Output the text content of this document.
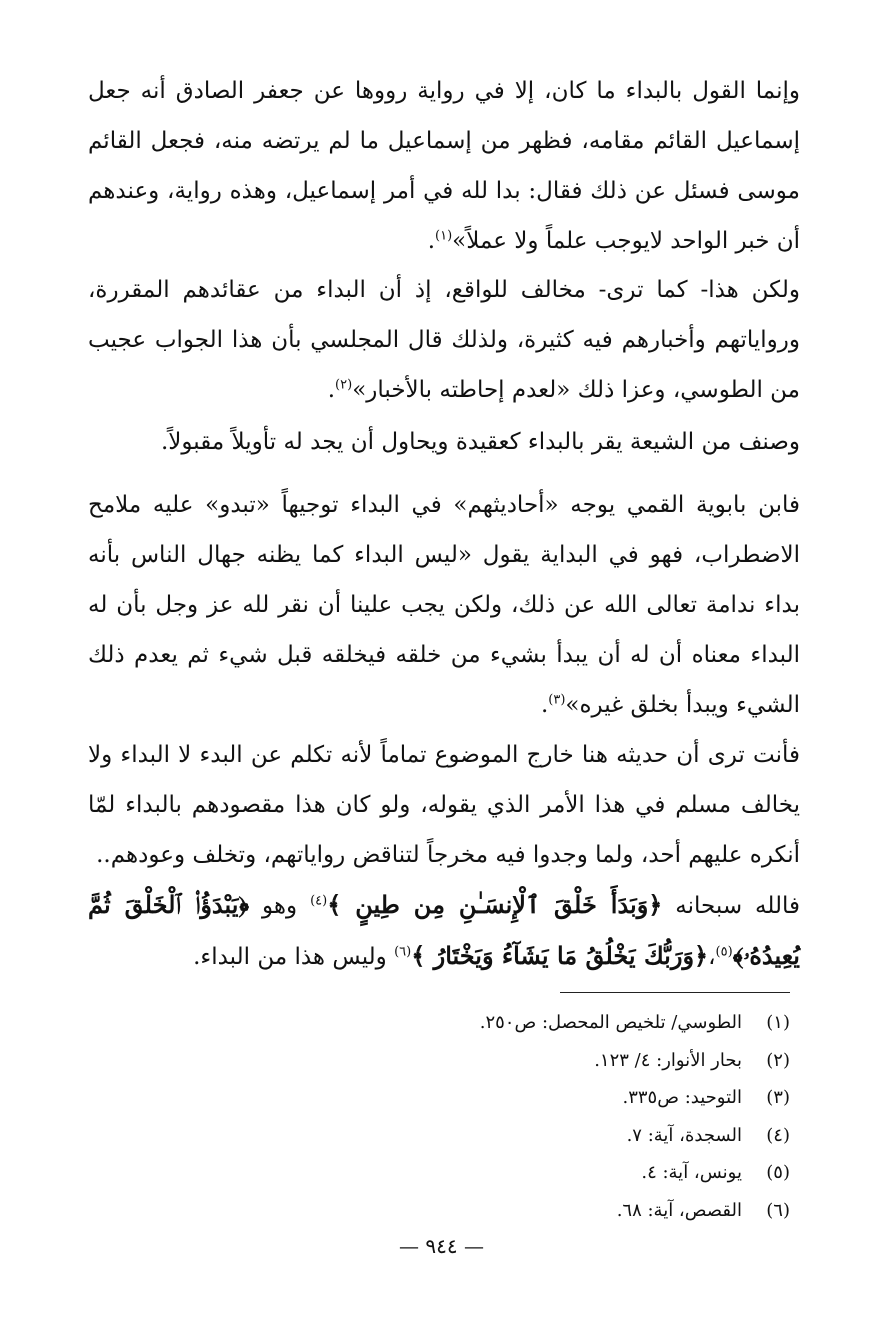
وإنما القول بالبداء ما كان، إلا في رواية رووها عن جعفر الصادق أنه جعل إسماعيل القائم مقامه، فظهر من إسماعيل ما لم يرتضه منه، فجعل القائم موسى فسئل عن ذلك فقال: بدا لله في أمر إسماعيل، وهذه رواية، وعندهم أن خبر الواحد لايوجب علماً ولا عملاً»$^{(١)}$.

ولكن هذا- كما ترى- مخالف للواقع، إذ أن البداء من عقائدهم المقررة، ورواياتهم وأخبارهم فيه كثيرة، ولذلك قال المجلسي بأن هذا الجواب عجيب من الطوسي، وعزا ذلك «لعدم إحاطته بالأخبار»$^{(٢)}$.

وصنف من الشيعة يقر بالبداء كعقيدة ويحاول أن يجد له تأويلاً مقبولاً.

فابن بابوية القمي يوجه «أحاديثهم» في البداء توجيهاً «تبدو» عليه ملامح الاضطراب، فهو في البداية يقول «ليس البداء كما يظنه جهال الناس بأنه بداء ندامة تعالى الله عن ذلك، ولكن يجب علينا أن نقر لله عز وجل بأن له البداء معناه أن له أن يبدأ بشيء من خلقه فيخلقه قبل شيء ثم يعدم ذلك الشيء ويبدأ بخلق غيره»$^{(٣)}$.

فأنت ترى أن حديثه هنا خارج الموضوع تماماً لأنه تكلم عن البدء لا البداء ولا يخالف مسلم في هذا الأمر الذي يقوله، ولو كان هذا مقصودهم بالبداء لمّا أنكره عليهم أحد، ولما وجدوا فيه مخرجاً لتناقض رواياتهم، وتخلف وعودهم..

فالله سبحانه ﴿وَبَدَأَ خَلْقَ ٱلْإِنسَـٰنِ مِن طِينٍ ﴾$^{(٤)}$ وهو ﴿يَبْدَؤُا۟ ٱلْخَلْقَ ثُمَّ يُعِيدُهُۥ﴾$^{(٥)}$،﴿وَرَبُّكَ يَخْلُقُ مَا يَشَآءُ وَيَخْتَارُ ﴾$^{(٦)}$ وليس هذا من البداء.

(١)الطوسي/ تلخيص المحصل: ص٢٥٠.
(٢)بحار الأنوار: ٤/ ١٢٣.
(٣)التوحيد: ص٣٣٥.
(٤)السجدة، آية: ٧.
(٥)يونس، آية: ٤.
(٦)القصص، آية: ٦٨.
— ٩٤٤ —
